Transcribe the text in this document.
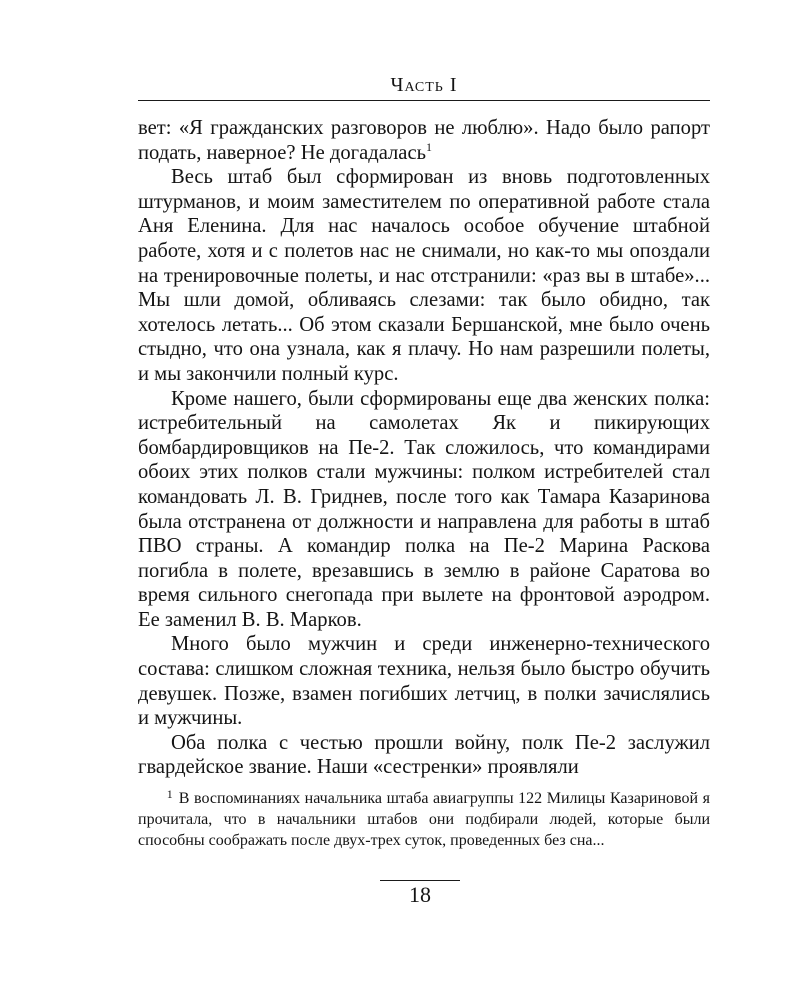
Часть I

вет: «Я гражданских разговоров не люблю». Надо было рапорт подать, наверное? Не догадалась$^1$

Весь штаб был сформирован из вновь подготовленных штурманов, и моим заместителем по оперативной работе стала Аня Еленина. Для нас началось особое обучение штабной работе, хотя и с полетов нас не снимали, но как-то мы опоздали на тренировочные полеты, и нас отстранили: «раз вы в штабе»... Мы шли домой, обливаясь слезами: так было обидно, так хотелось летать... Об этом сказали Бершанской, мне было очень стыдно, что она узнала, как я плачу. Но нам разрешили полеты, и мы закончили полный курс.

Кроме нашего, были сформированы еще два женских полка: истребительный на самолетах Як и пикирующих бомбардировщиков на Пе-2. Так сложилось, что командирами обоих этих полков стали мужчины: полком истребителей стал командовать Л. В. Гриднев, после того как Тамара Казаринова была отстранена от должности и направлена для работы в штаб ПВО страны. А командир полка на Пе-2 Марина Раскова погибла в полете, врезавшись в землю в районе Саратова во время сильного снегопада при вылете на фронтовой аэродром. Ее заменил В. В. Марков.

Много было мужчин и среди инженерно-технического состава: слишком сложная техника, нельзя было быстро обучить девушек. Позже, взамен погибших летчиц, в полки зачислялись и мужчины.

Оба полка с честью прошли войну, полк Пе-2 заслужил гвардейское звание. Наши «сестренки» проявляли

$^1$ В воспоминаниях начальника штаба авиагруппы 122 Милицы Казариновой я прочитала, что в начальники штабов они подбирали людей, которые были способны соображать после двух-трех суток, проведенных без сна...

18
